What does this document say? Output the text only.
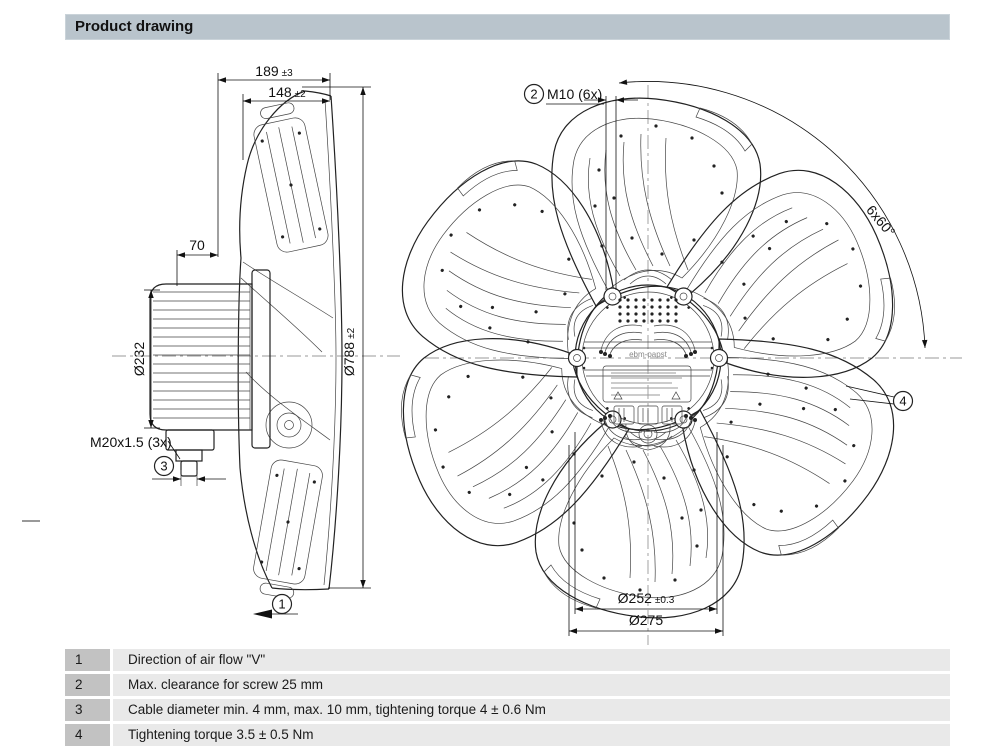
Product drawing
189 ±3
148 ±2
70
Ø232	Ø788±2
M20x1.5 (3x)
3
1
ebm-papst
2 M10 (6x)
6x60°
4
Ø252 ±0.3
Ø275
1	Direction of air flow "V"
2	Max. clearance for screw 25 mm
3	Cable diameter min. 4 mm, max. 10 mm, tightening torque 4 ± 0.6 Nm
4	Tightening torque 3.5 ± 0.5 Nm
